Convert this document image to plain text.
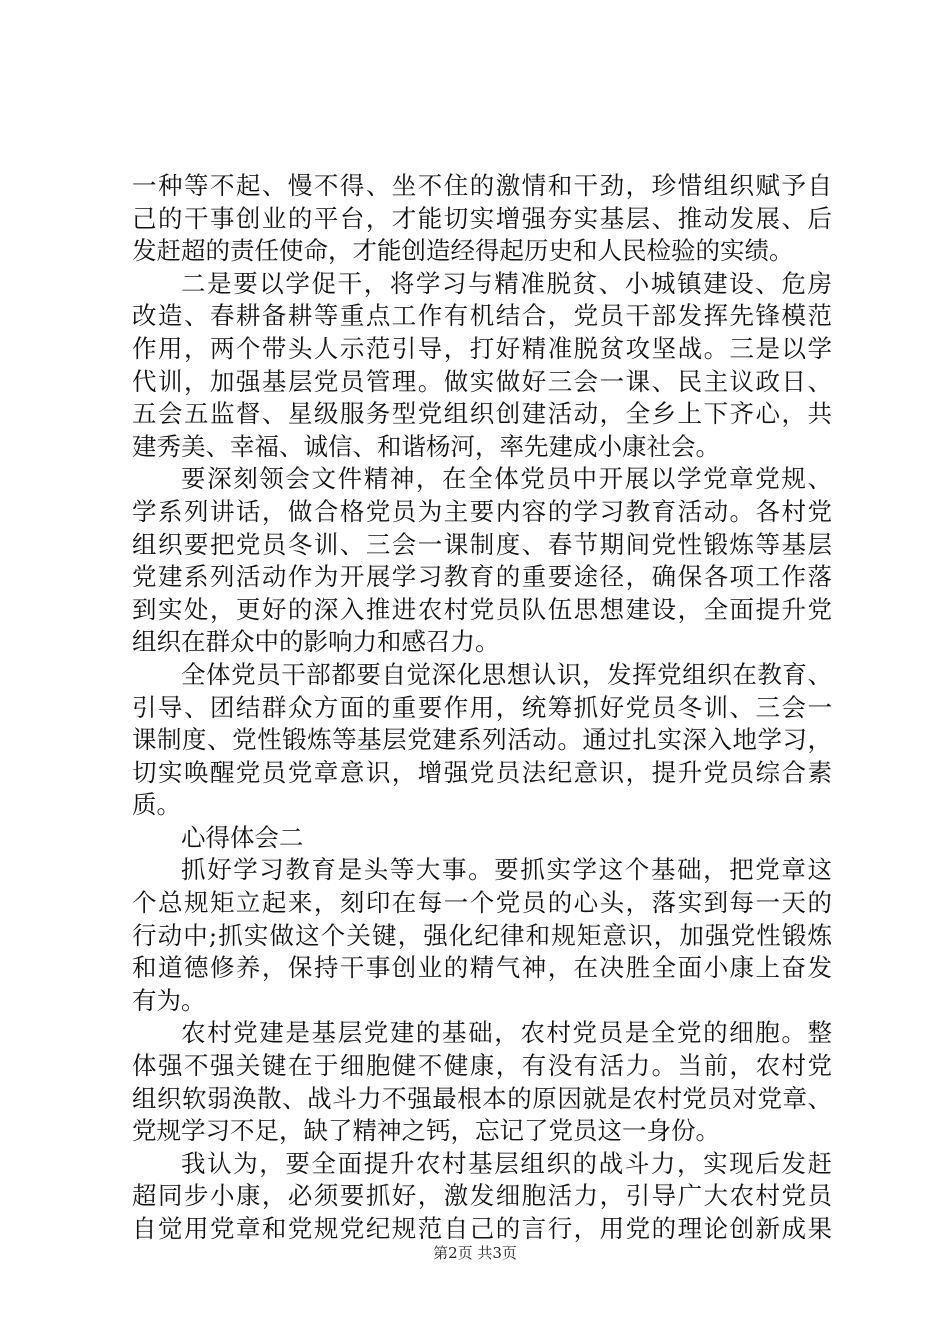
一种等不起、慢不得、坐不住的激情和干劲，珍惜组织赋予自
己的干事创业的平台，才能切实增强夯实基层、推动发展、后
发赶超的责任使命，才能创造经得起历史和人民检验的实绩。
二是要以学促干，将学习与精准脱贫、小城镇建设、危房
改造、春耕备耕等重点工作有机结合，党员干部发挥先锋模范
作用，两个带头人示范引导，打好精准脱贫攻坚战。三是以学
代训，加强基层党员管理。做实做好三会一课、民主议政日、
五会五监督、星级服务型党组织创建活动，全乡上下齐心，共
建秀美、幸福、诚信、和谐杨河，率先建成小康社会。
要深刻领会文件精神，在全体党员中开展以学党章党规、
学系列讲话，做合格党员为主要内容的学习教育活动。各村党
组织要把党员冬训、三会一课制度、春节期间党性锻炼等基层
党建系列活动作为开展学习教育的重要途径，确保各项工作落
到实处，更好的深入推进农村党员队伍思想建设，全面提升党
组织在群众中的影响力和感召力。
全体党员干部都要自觉深化思想认识，发挥党组织在教育、
引导、团结群众方面的重要作用，统筹抓好党员冬训、三会一
课制度、党性锻炼等基层党建系列活动。通过扎实深入地学习，
切实唤醒党员党章意识，增强党员法纪意识，提升党员综合素
质。
心得体会二
抓好学习教育是头等大事。要抓实学这个基础，把党章这
个总规矩立起来，刻印在每一个党员的心头，落实到每一天的
行动中;抓实做这个关键，强化纪律和规矩意识，加强党性锻炼
和道德修养，保持干事创业的精气神，在决胜全面小康上奋发
有为。
农村党建是基层党建的基础，农村党员是全党的细胞。整
体强不强关键在于细胞健不健康，有没有活力。当前，农村党
组织软弱涣散、战斗力不强最根本的原因就是农村党员对党章、
党规学习不足，缺了精神之钙，忘记了党员这一身份。
我认为，要全面提升农村基层组织的战斗力，实现后发赶
超同步小康，必须要抓好，激发细胞活力，引导广大农村党员
自觉用党章和党规党纪规范自己的言行，用党的理论创新成果
第2页 共3页
